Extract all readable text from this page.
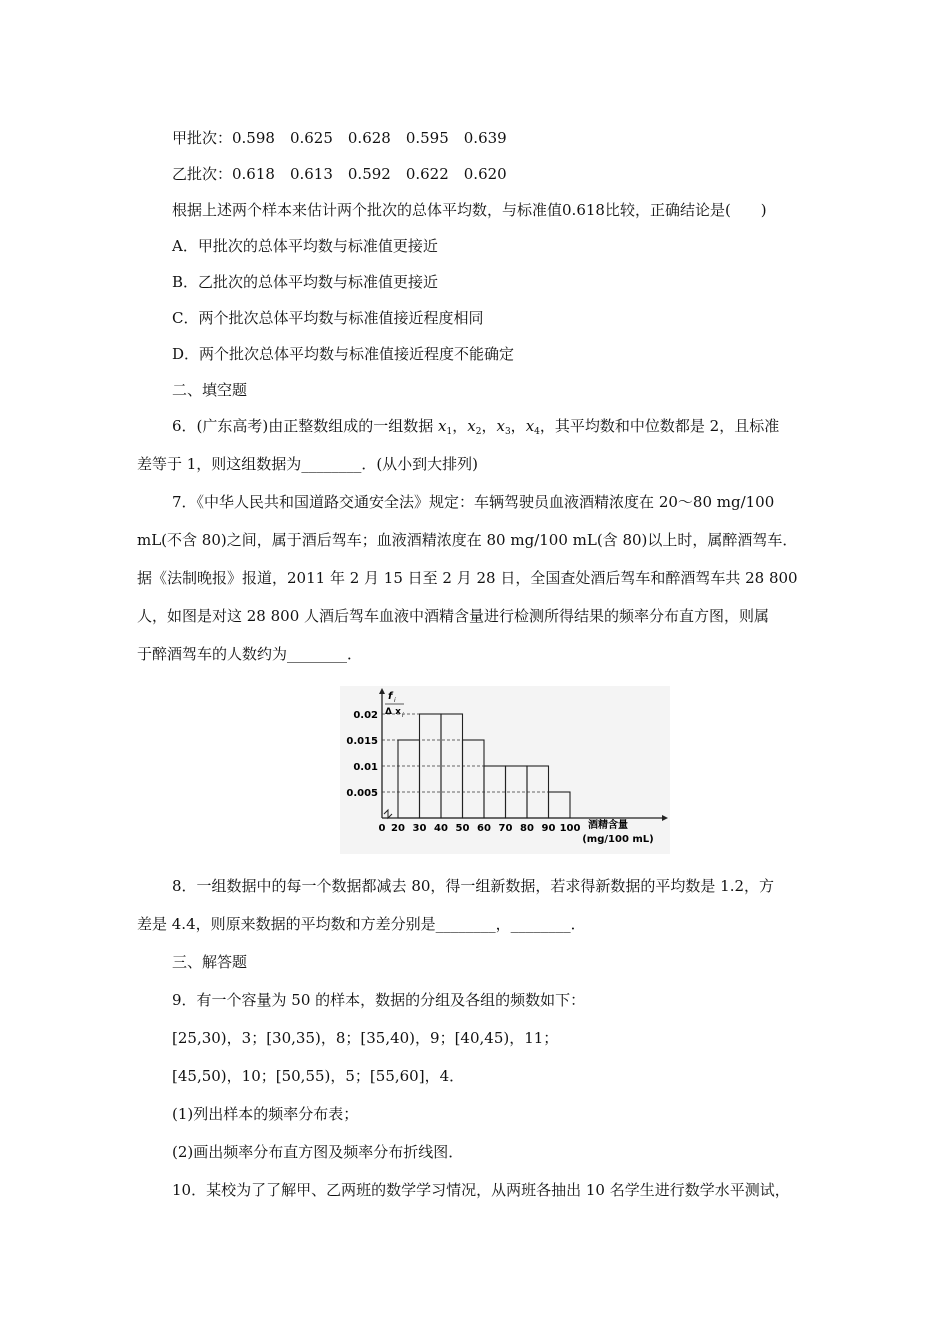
甲批次：0.598　0.625　0.628　0.595　0.639
乙批次：0.618　0.613　0.592　0.622　0.620
根据上述两个样本来估计两个批次的总体平均数，与标准值0.618比较，正确结论是(　　)
A．甲批次的总体平均数与标准值更接近
B．乙批次的总体平均数与标准值更接近
C．两个批次总体平均数与标准值接近程度相同
D．两个批次总体平均数与标准值接近程度不能确定
二、填空题
6．(广东高考)由正整数组成的一组数据 $x_1$，$x_2$，$x_3$，$x_4$，其平均数和中位数都是 2，且标准
差等于 1，则这组数据为________．(从小到大排列)
7．《中华人民共和国道路交通安全法》规定：车辆驾驶员血液酒精浓度在 20～80 mg/100
mL(不含 80)之间，属于酒后驾车；血液酒精浓度在 80 mg/100 mL(含 80)以上时，属醉酒驾车．
据《法制晚报》报道，2011 年 2 月 15 日至 2 月 28 日，全国查处酒后驾车和醉酒驾车共 28 800
人，如图是对这 28 800 人酒后驾车血液中酒精含量进行检测所得结果的频率分布直方图，则属
于醉酒驾车的人数约为________．
f i
Δ x i
0.02
0.015
0.01
0.005
0 20 30 40 50 60 70 80 90 100 酒精含量
(mg/100 mL)
8．一组数据中的每一个数据都减去 80，得一组新数据，若求得新数据的平均数是 1.2，方
差是 4.4，则原来数据的平均数和方差分别是________，________．
三、解答题
9．有一个容量为 50 的样本，数据的分组及各组的频数如下：
[25,30)，3；[30,35)，8；[35,40)，9；[40,45)，11；
[45,50)，10；[50,55)，5；[55,60]，4．
(1)列出样本的频率分布表；
(2)画出频率分布直方图及频率分布折线图．
10．某校为了了解甲、乙两班的数学学习情况，从两班各抽出 10 名学生进行数学水平测试，
